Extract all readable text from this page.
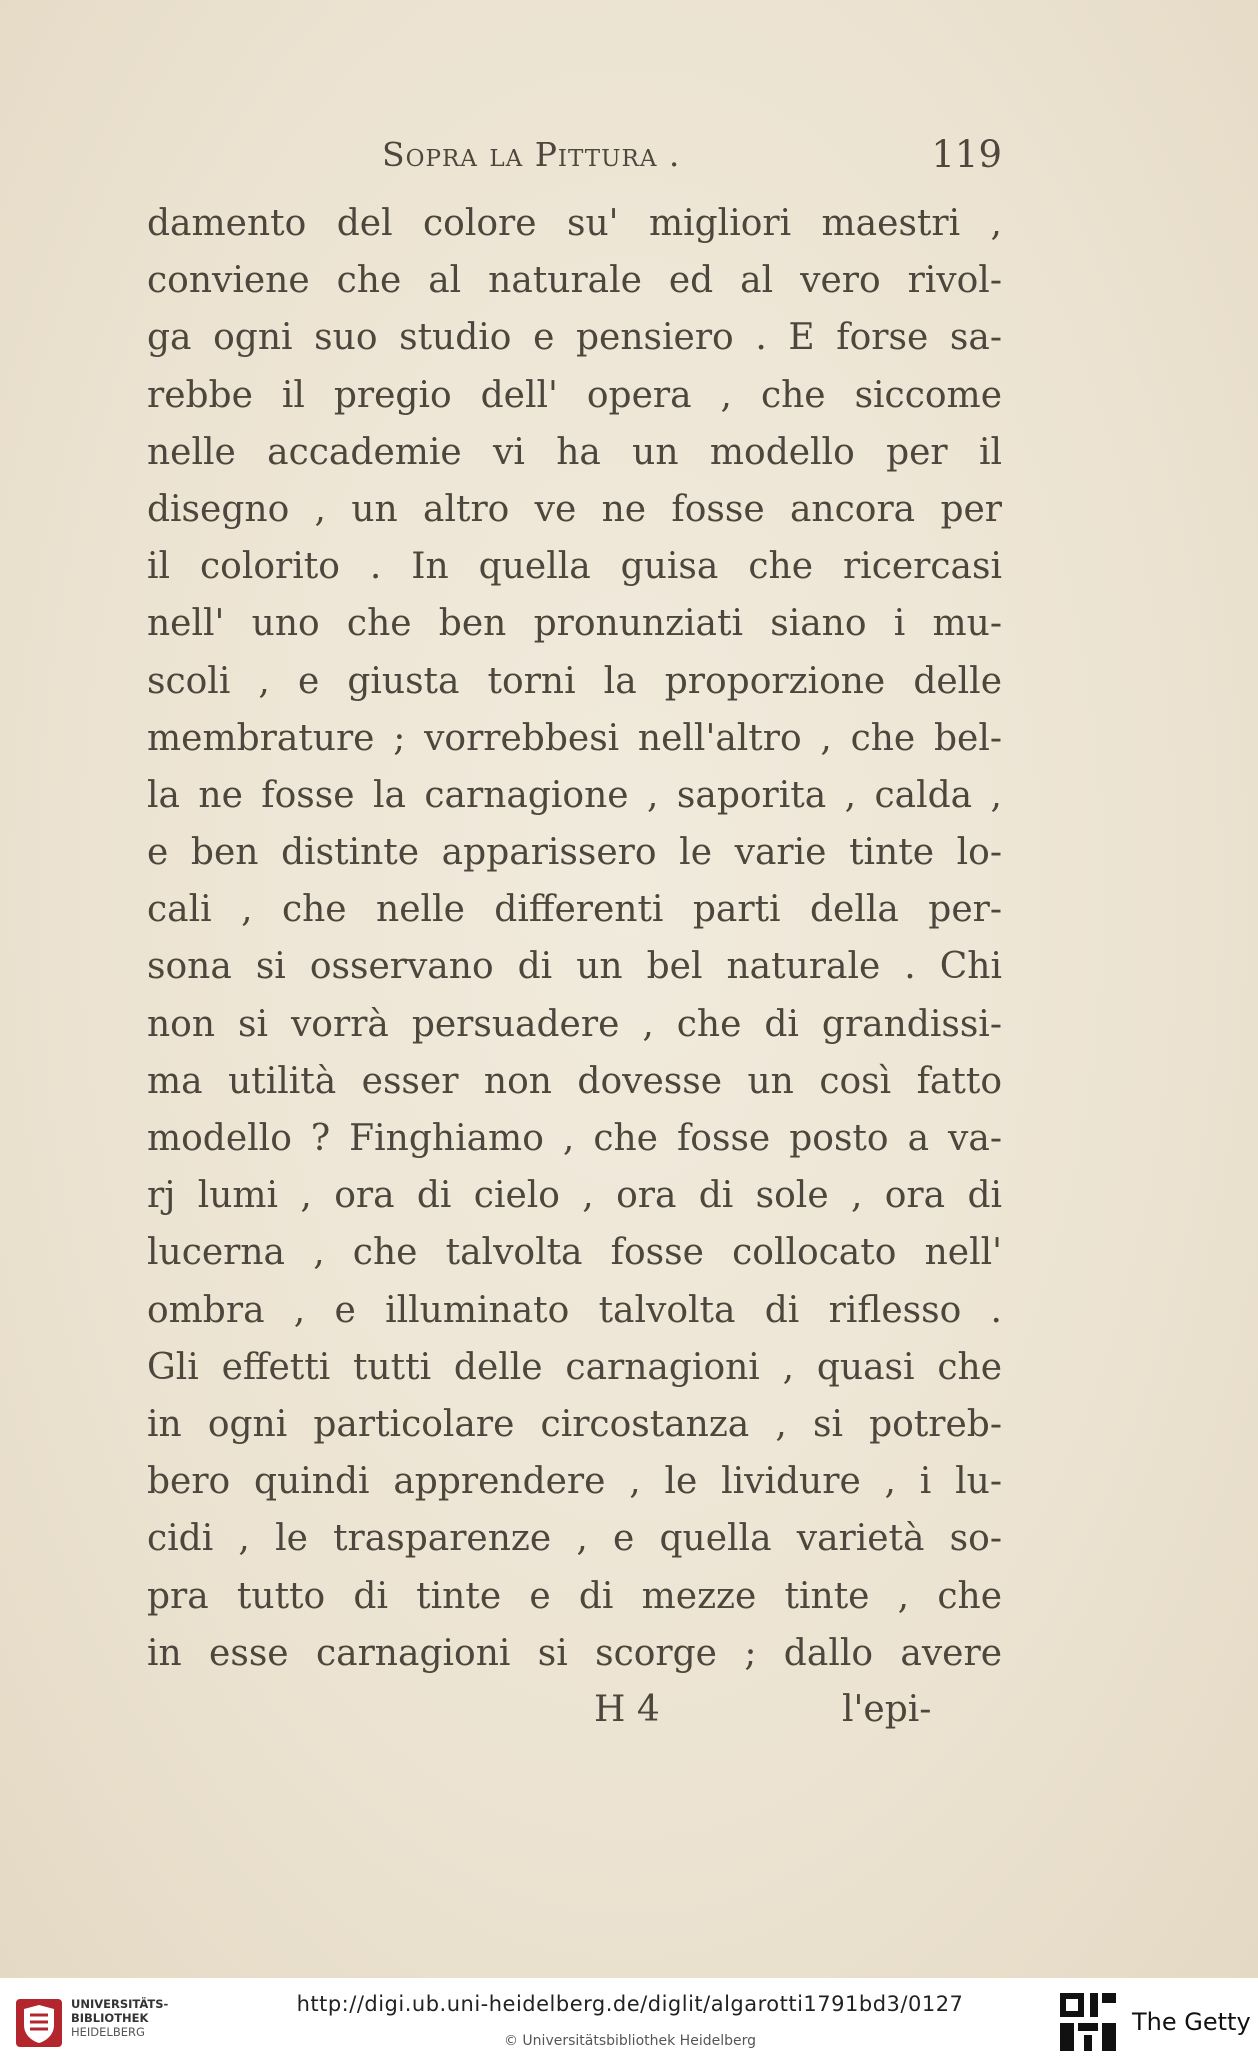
Sopra la Pittura .	119
damento del colore su' migliori maestri ,
conviene che al naturale ed al vero rivol-
ga ogni suo studio e pensiero . E forse sa-
rebbe il pregio dell' opera , che siccome
nelle accademie vi ha un modello per il
disegno , un altro ve ne fosse ancora per
il colorito . In quella guisa che ricercasi
nell' uno che ben pronunziati siano i mu-
scoli , e giusta torni la proporzione delle
membrature ; vorrebbesi nell'altro , che bel-
la ne fosse la carnagione , saporita , calda ,
e ben distinte apparissero le varie tinte lo-
cali , che nelle differenti parti della per-
sona si osservano di un bel naturale . Chi
non si vorrà persuadere , che di grandissi-
ma utilità esser non dovesse un così fatto
modello ? Finghiamo , che fosse posto a va-
rj lumi , ora di cielo , ora di sole , ora di
lucerna , che talvolta fosse collocato nell'
ombra , e illuminato talvolta di riflesso .
Gli effetti tutti delle carnagioni , quasi che
in ogni particolare circostanza , si potreb-
bero quindi apprendere , le lividure , i lu-
cidi , le trasparenze , e quella varietà so-
pra tutto di tinte e di mezze tinte , che
in esse carnagioni si scorge ; dallo avere
H 4	l'epi-
UNIVERSITÄTS-
BIBLIOTHEK
HEIDELBERG
http://digi.ub.uni-heidelberg.de/diglit/algarotti1791bd3/0127
© Universitätsbibliothek Heidelberg
The Getty
